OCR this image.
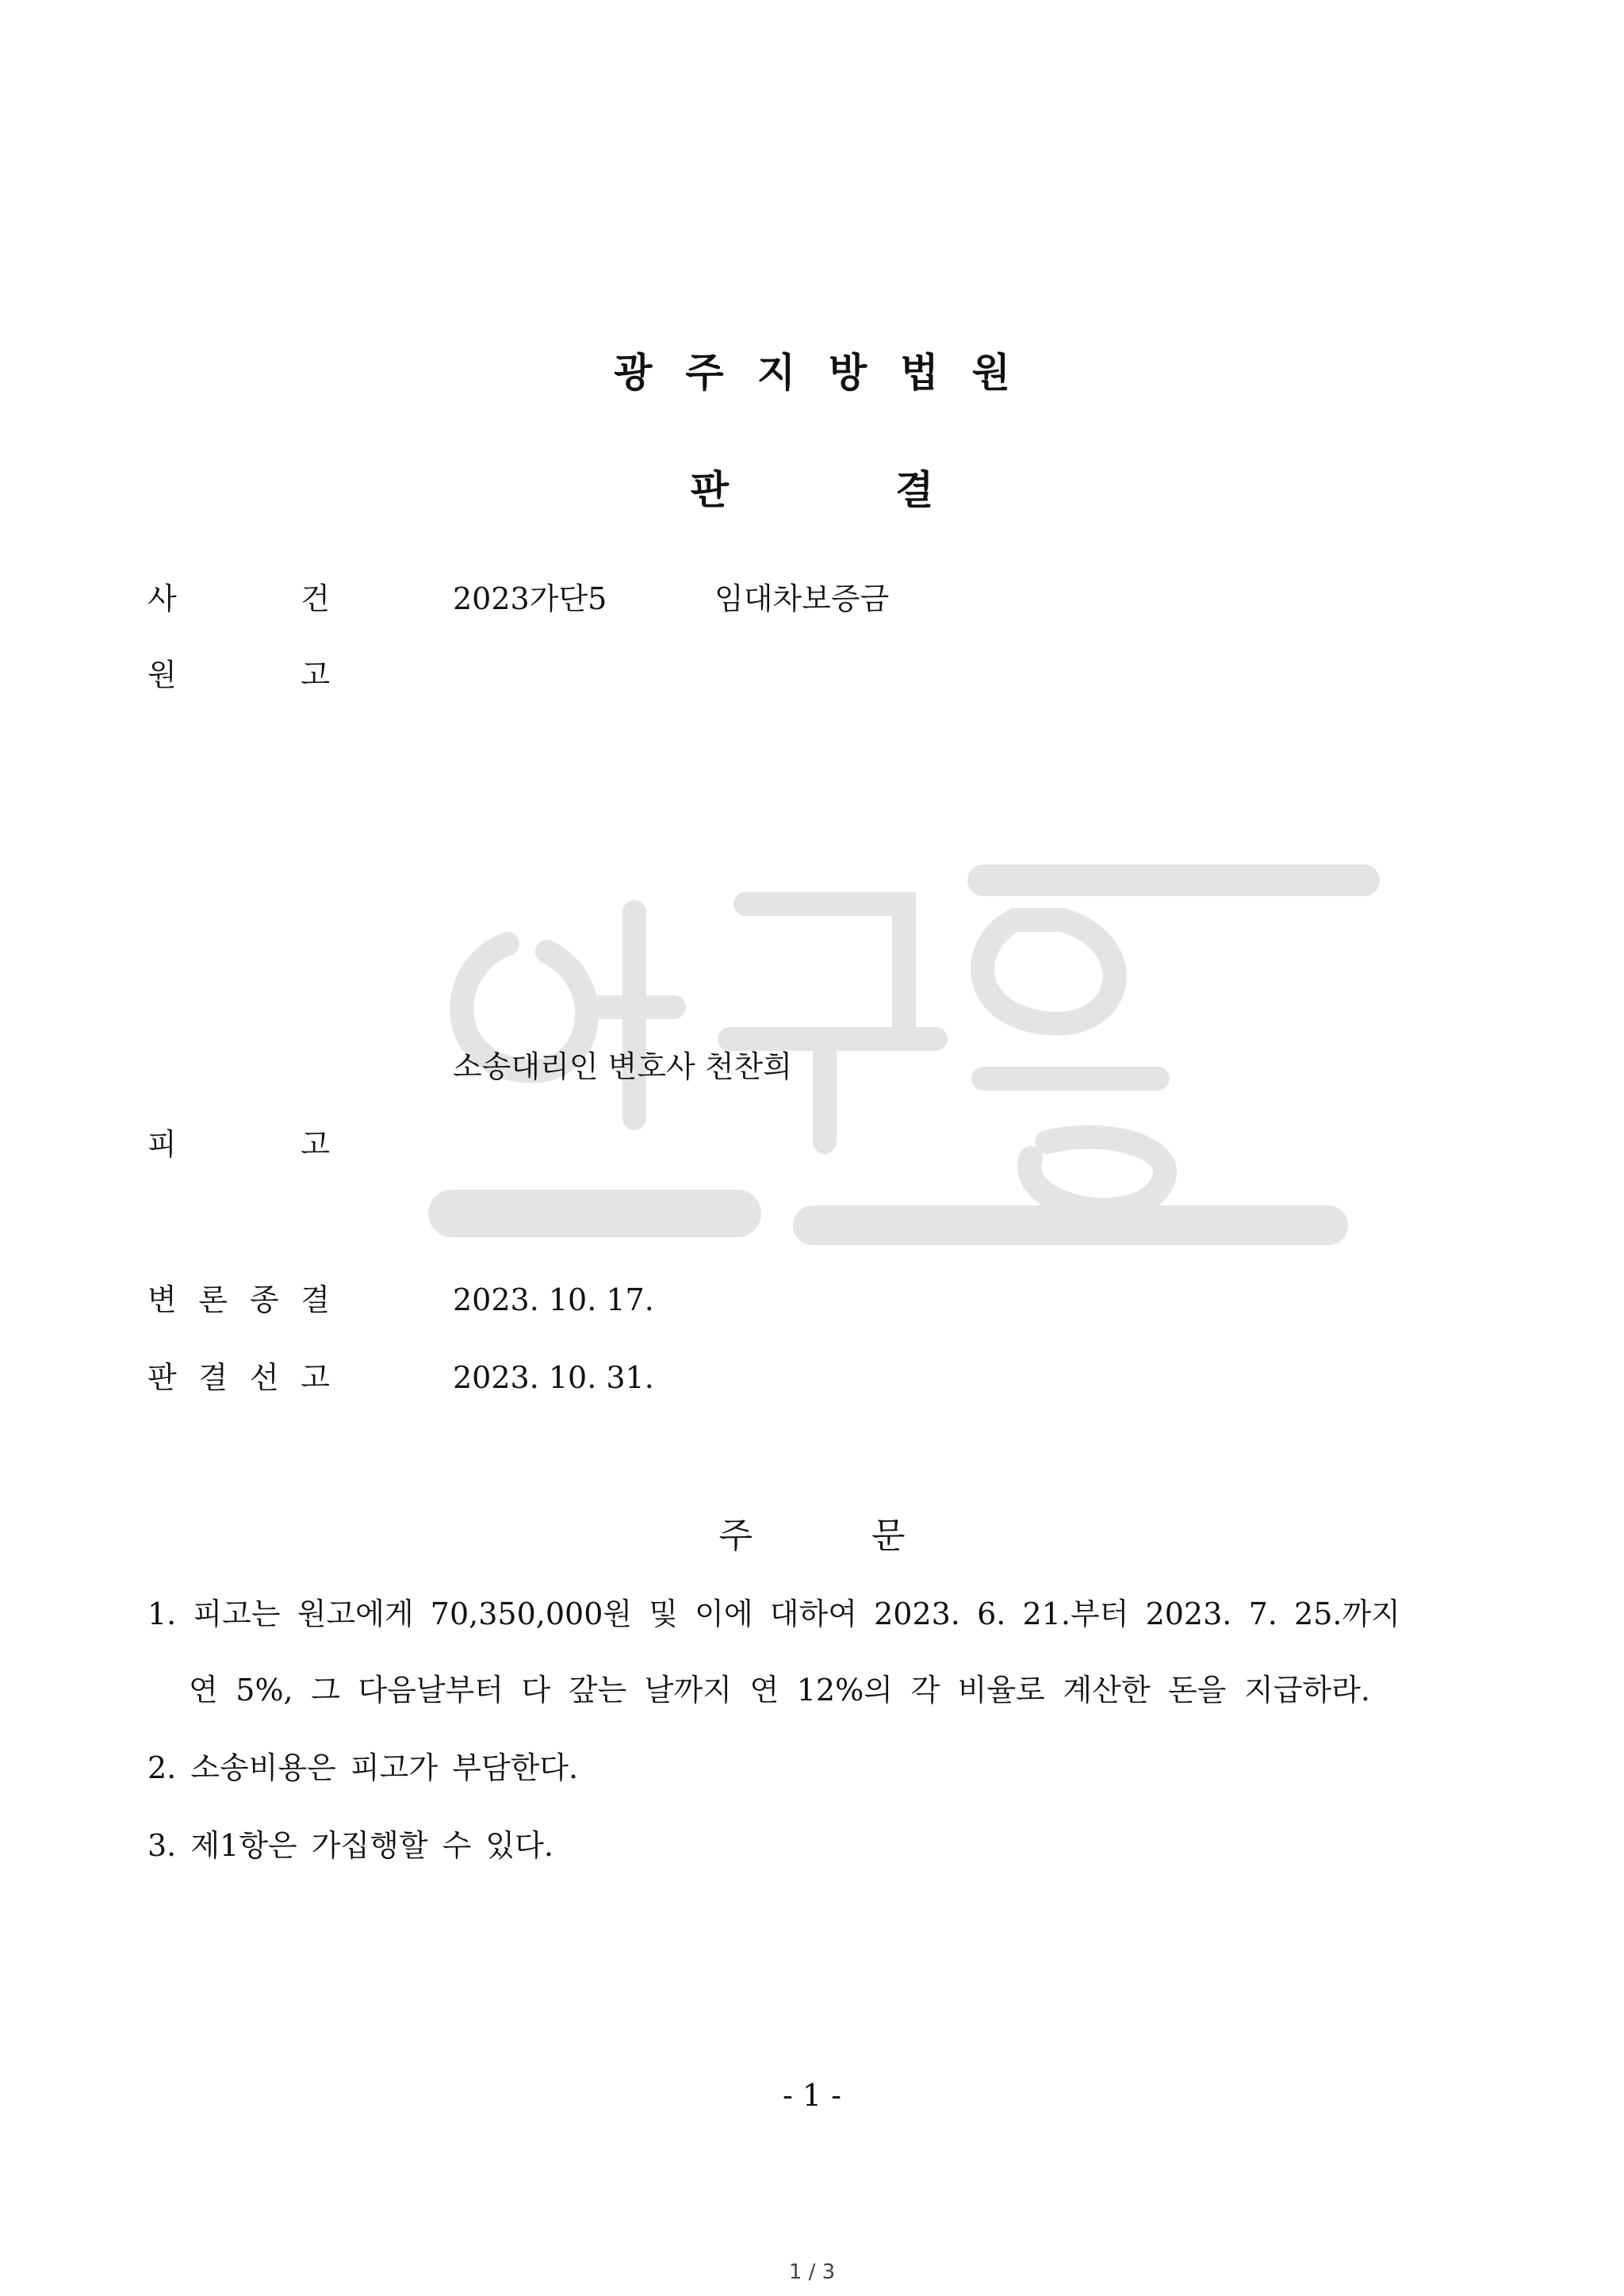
광주지방법원
판결
사	건	2023가단5	임대차보증금
원	고
소송대리인 변호사 천찬희
피	고
변 론 종 결	2023. 10. 17.
판 결 선 고	2023. 10. 31.
주문
1. 피고는 원고에게 70,350,000원 및 이에 대하여 2023. 6. 21.부터 2023. 7. 25.까지
연 5%, 그 다음날부터 다 갚는 날까지 연 12%의 각 비율로 계산한 돈을 지급하라.
2. 소송비용은 피고가 부담한다.
3. 제1항은 가집행할 수 있다.
- 1 -
1 / 3
